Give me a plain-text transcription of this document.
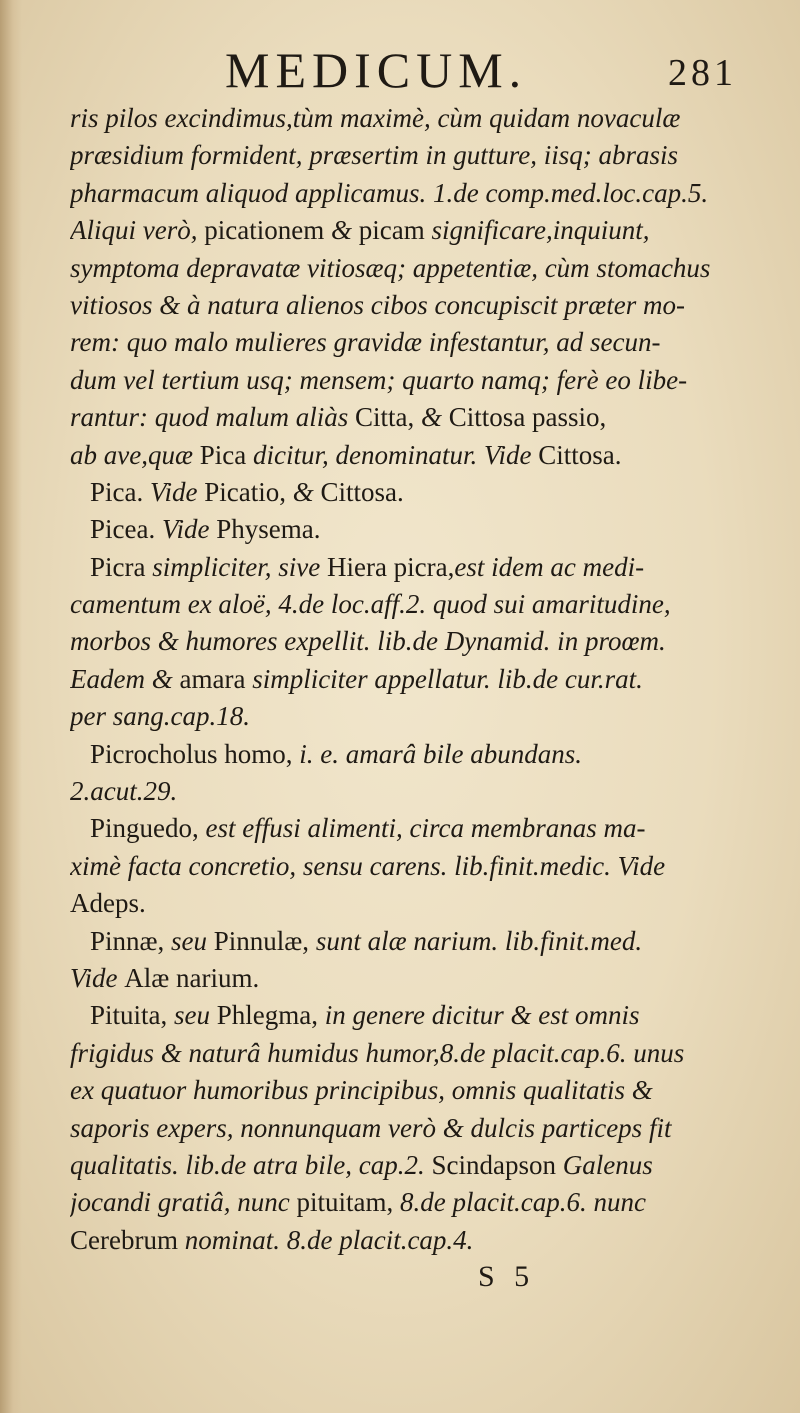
MEDICUM.	281
ris pilos excindimus,tùm maximè, cùm quidam novaculæ
præsidium formident, præsertim in gutture, iisq; abrasis
pharmacum aliquod applicamus. 1.de comp.med.loc.cap.5.
Aliqui verò, picationem & picam significare,inquiunt,
symptoma depravatæ vitiosæq; appetentiæ, cùm stomachus
vitiosos & à natura alienos cibos concupiscit præter mo-
rem: quo malo mulieres gravidæ infestantur, ad secun-
dum vel tertium usq; mensem; quarto namq; ferè eo libe-
rantur: quod malum aliàs Citta, & Cittosa passio,
ab ave,quæ Pica dicitur, denominatur. Vide Cittosa.
Pica. Vide Picatio, & Cittosa.
Picea. Vide Physema.
Picra simpliciter, sive Hiera picra,est idem ac medi-
camentum ex aloë, 4.de loc.aff.2. quod sui amaritudine,
morbos & humores expellit. lib.de Dynamid. in proœm.
Eadem & amara simpliciter appellatur. lib.de cur.rat.
per sang.cap.18.
Picrocholus homo, i. e. amarâ bile abundans.
2.acut.29.
Pinguedo, est effusi alimenti, circa membranas ma-
ximè facta concretio, sensu carens. lib.finit.medic. Vide
Adeps.
Pinnæ, seu Pinnulæ, sunt alæ narium. lib.finit.med.
Vide Alæ narium.
Pituita, seu Phlegma, in genere dicitur & est omnis
frigidus & naturâ humidus humor,8.de placit.cap.6. unus
ex quatuor humoribus principibus, omnis qualitatis &
saporis expers, nonnunquam verò & dulcis particeps fit
qualitatis. lib.de atra bile, cap.2. Scindapson Galenus
jocandi gratiâ, nunc pituitam, 8.de placit.cap.6. nunc
Cerebrum nominat. 8.de placit.cap.4.
S 5
